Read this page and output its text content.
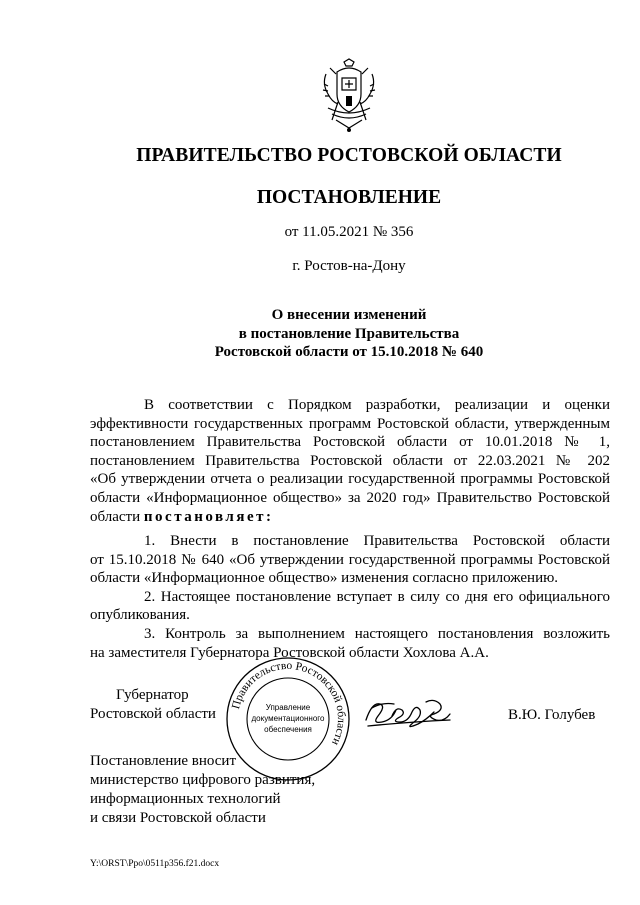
ПРАВИТЕЛЬСТВО РОСТОВСКОЙ ОБЛАСТИ
ПОСТАНОВЛЕНИЕ
от 11.05.2021 № 356
г. Ростов-на-Дону
О внесении изменений
в постановление Правительства
Ростовской области от 15.10.2018 № 640
В соответствии с Порядком разработки, реализации и оценки
эффективности государственных программ Ростовской области, утвержденным
постановлением Правительства Ростовской области от 10.01.2018 № 1,
постановлением Правительства Ростовской области от 22.03.2021 № 202
«Об утверждении отчета о реализации государственной программы Ростовской
области «Информационное общество» за 2020 год» Правительство Ростовской
области постановляет:
1. Внести в постановление Правительства Ростовской области
от 15.10.2018 № 640 «Об утверждении государственной программы Ростовской
области «Информационное общество» изменения согласно приложению.
2. Настоящее постановление вступает в силу со дня его официального
опубликования.
3. Контроль за выполнением настоящего постановления возложить
на заместителя Губернатора Ростовской области Хохлова А.А.
Губернатор
Ростовской области
Правительство Ростовской области
Управление
документационного
обеспечения
В.Ю. Голубев
Постановление вносит
министерство цифрового развития,
информационных технологий
и связи Ростовской области
Y:\ORST\Ppo\0511p356.f21.docx
